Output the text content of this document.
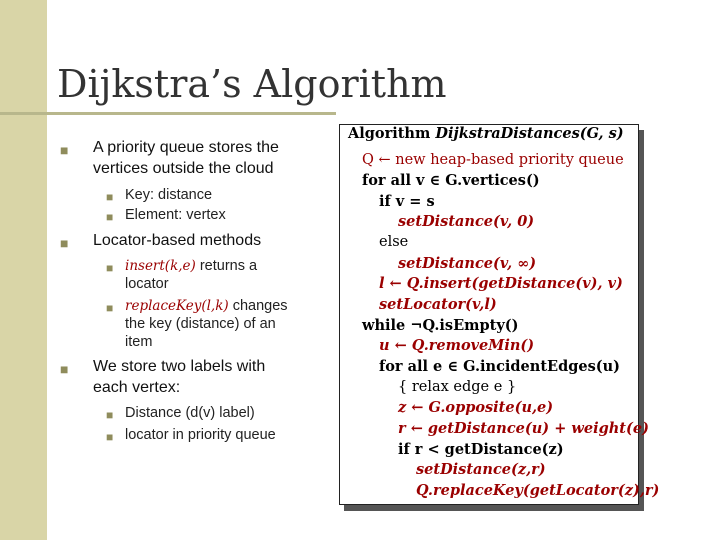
Dijkstra’s Algorithm
■ A priority queue stores the
vertices outside the cloud
■ Key: distance
■ Element: vertex
■ Locator-based methods
■ insert(k,e) returns a
locator
■ replaceKey(l,k) changes
the key (distance) of an
item
■ We store two labels with
each vertex:
■ Distance (d(v) label)
■ locator in priority queue
Algorithm DijkstraDistances(G, s)
Q ← new heap-based priority queue
for all v ∈ G.vertices()
if v = s
setDistance(v, 0)
else
setDistance(v, ∞)
l ← Q.insert(getDistance(v), v)
setLocator(v,l)
while ¬Q.isEmpty()
u ← Q.removeMin()
for all e ∈ G.incidentEdges(u)
{ relax edge e }
z ← G.opposite(u,e)
r ← getDistance(u) + weight(e)
if r < getDistance(z)
setDistance(z,r)
Q.replaceKey(getLocator(z),r)
